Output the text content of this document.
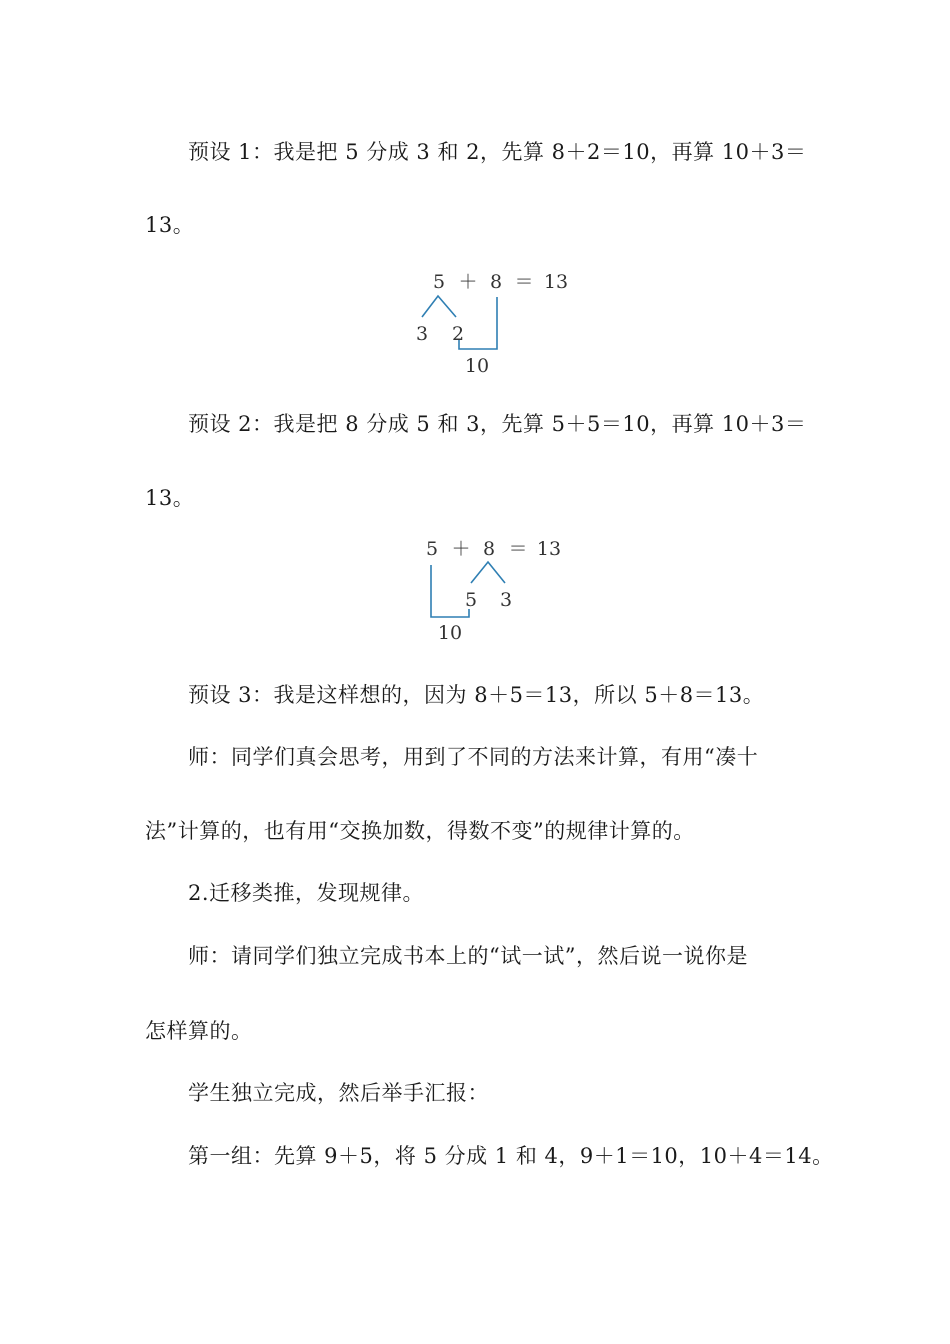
预设 1：我是把 5 分成 3 和 2，先算 8＋2＝10，再算 10＋3＝
13。
预设 2：我是把 8 分成 5 和 3，先算 5＋5＝10，再算 10＋3＝
13。
预设 3：我是这样想的，因为 8＋5＝13，所以 5＋8＝13。
师：同学们真会思考，用到了不同的方法来计算，有用“凑十
法”计算的，也有用“交换加数，得数不变”的规律计算的。
2.迁移类推，发现规律。
师：请同学们独立完成书本上的“试一试”，然后说一说你是
怎样算的。
学生独立完成，然后举手汇报：
第一组：先算 9＋5，将 5 分成 1 和 4，9＋1＝10，10＋4＝14。
5 ＋ 8 ＝ 13
3 2
10
5 ＋ 8 ＝ 13
5 3
10
